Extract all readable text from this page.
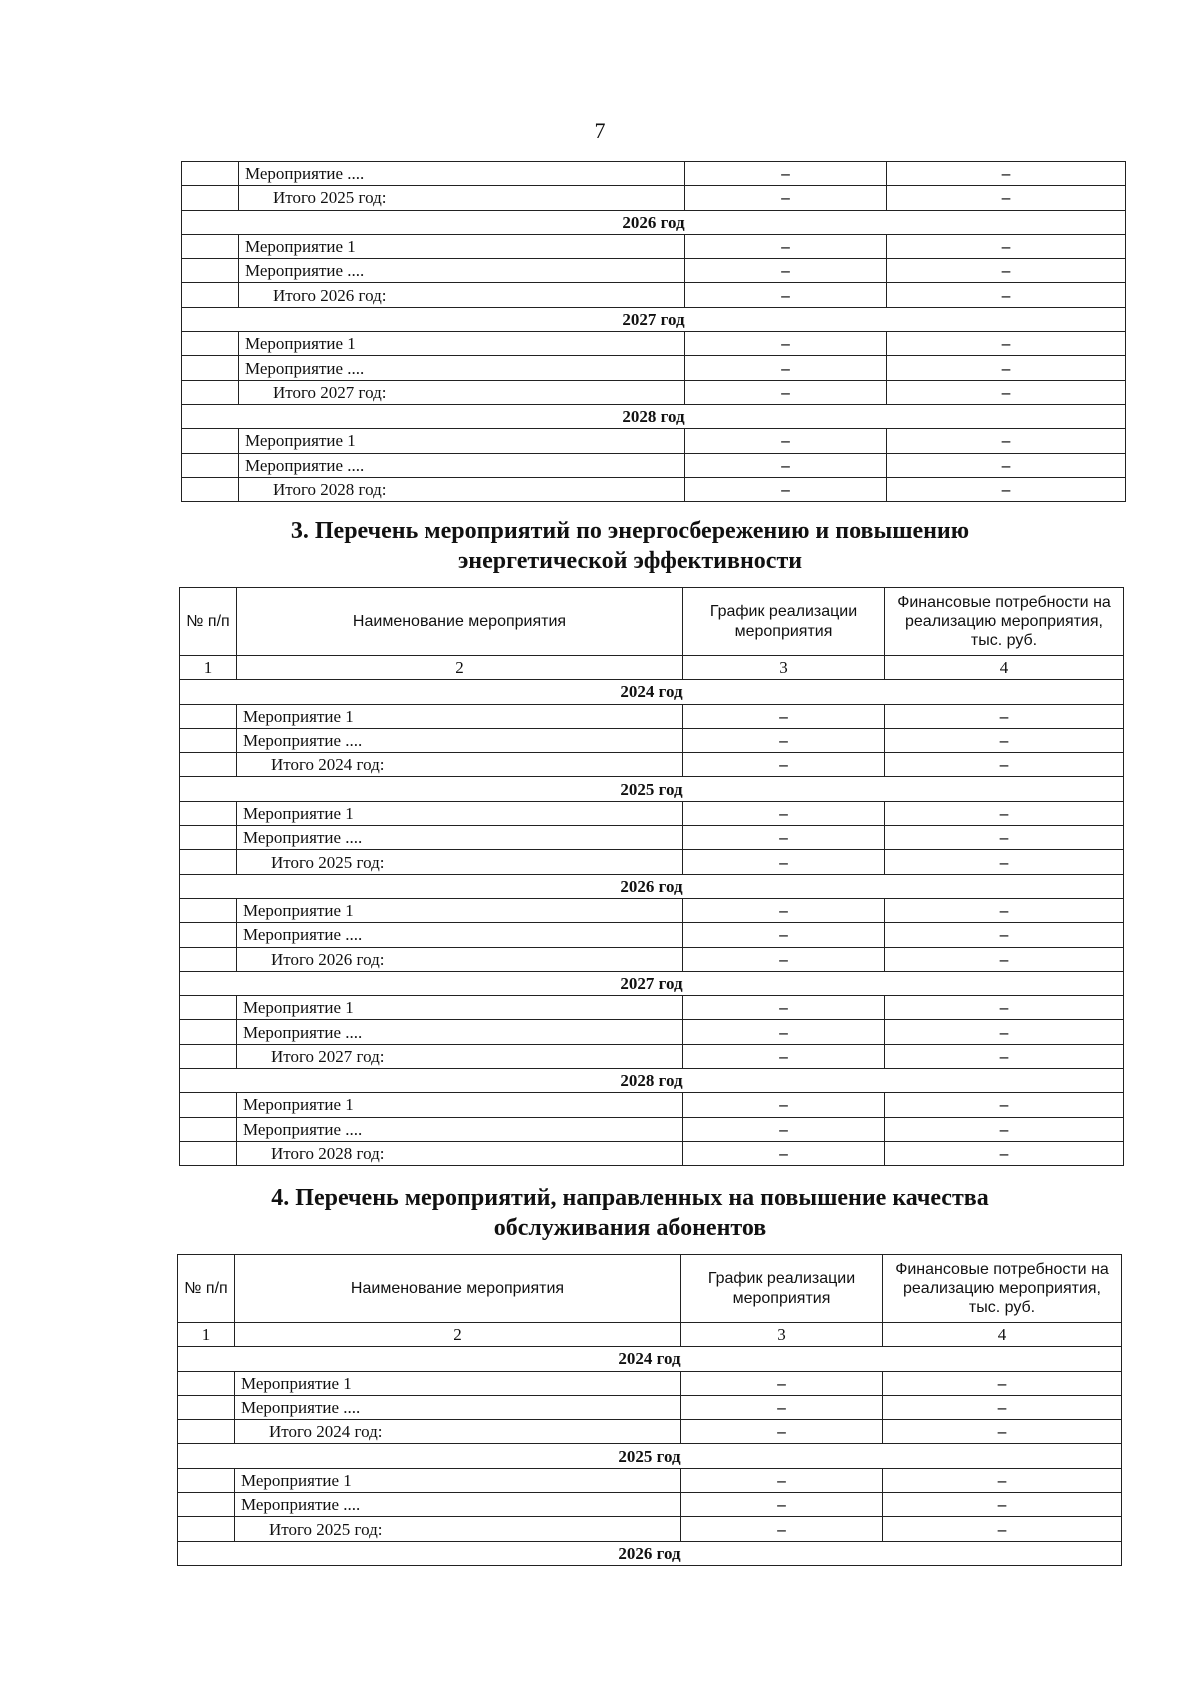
7
	Мероприятие ....	–	–
	Итого 2025 год:	–	–
2026 год			
	Мероприятие 1	–	–
	Мероприятие ....	–	–
	Итого 2026 год:	–	–
2027 год			
	Мероприятие 1	–	–
	Мероприятие ....	–	–
	Итого 2027 год:	–	–
2028 год			
	Мероприятие 1	–	–
	Мероприятие ....	–	–
	Итого 2028 год:	–	–
3. Перечень мероприятий по энергосбережению и повышению
энергетической эффективности
№ п/п	Наименование мероприятия	График реализации мероприятия	Финансовые потребности на реализацию мероприятия, тыс. руб.
1	2	3	4
2024 год			
	Мероприятие 1	–	–
	Мероприятие ....	–	–
	Итого 2024 год:	–	–
2025 год			
	Мероприятие 1	–	–
	Мероприятие ....	–	–
	Итого 2025 год:	–	–
2026 год			
	Мероприятие 1	–	–
	Мероприятие ....	–	–
	Итого 2026 год:	–	–
2027 год			
	Мероприятие 1	–	–
	Мероприятие ....	–	–
	Итого 2027 год:	–	–
2028 год			
	Мероприятие 1	–	–
	Мероприятие ....	–	–
	Итого 2028 год:	–	–
4. Перечень мероприятий, направленных на повышение качества
обслуживания абонентов
№ п/п	Наименование мероприятия	График реализации мероприятия	Финансовые потребности на реализацию мероприятия, тыс. руб.
1	2	3	4
2024 год			
	Мероприятие 1	–	–
	Мероприятие ....	–	–
	Итого 2024 год:	–	–
2025 год			
	Мероприятие 1	–	–
	Мероприятие ....	–	–
	Итого 2025 год:	–	–
2026 год			
